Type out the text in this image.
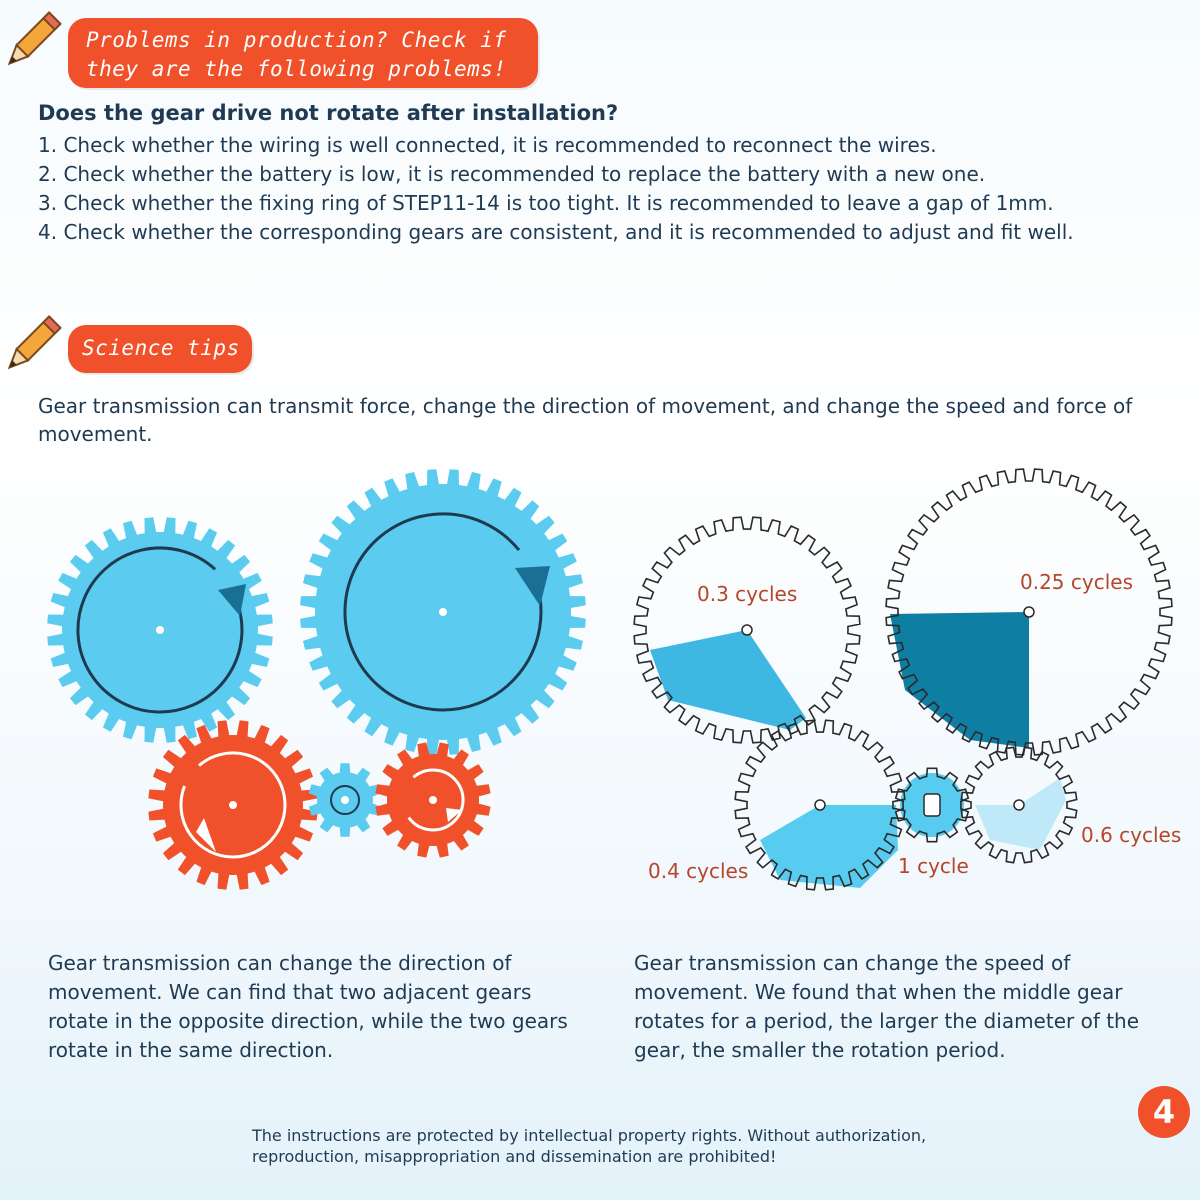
Problems in production? Check if
they are the following problems!
Does the gear drive not rotate after installation?
1. Check whether the wiring is well connected, it is recommended to reconnect the wires.
2. Check whether the battery is low, it is recommended to replace the battery with a new one.
3. Check whether the fixing ring of STEP11-14 is too tight. It is recommended to leave a gap of 1mm.
4. Check whether the corresponding gears are consistent, and it is recommended to adjust and fit well.
Science tips

Gear transmission can transmit force, change the direction of movement, and change the speed and force of movement.

0.3 cycles	0.25 cycles
0.4 cycles	1 cycle
0.6 cycles

Gear transmission can change the direction of movement. We can find that two adjacent gears rotate in the opposite direction, while the two gears rotate in the same direction.

Gear transmission can change the speed of movement. We found that when the middle gear rotates for a period, the larger the diameter of the gear, the smaller the rotation period.

4

The instructions are protected by intellectual property rights. Without authorization,
reproduction, misappropriation and dissemination are prohibited!
